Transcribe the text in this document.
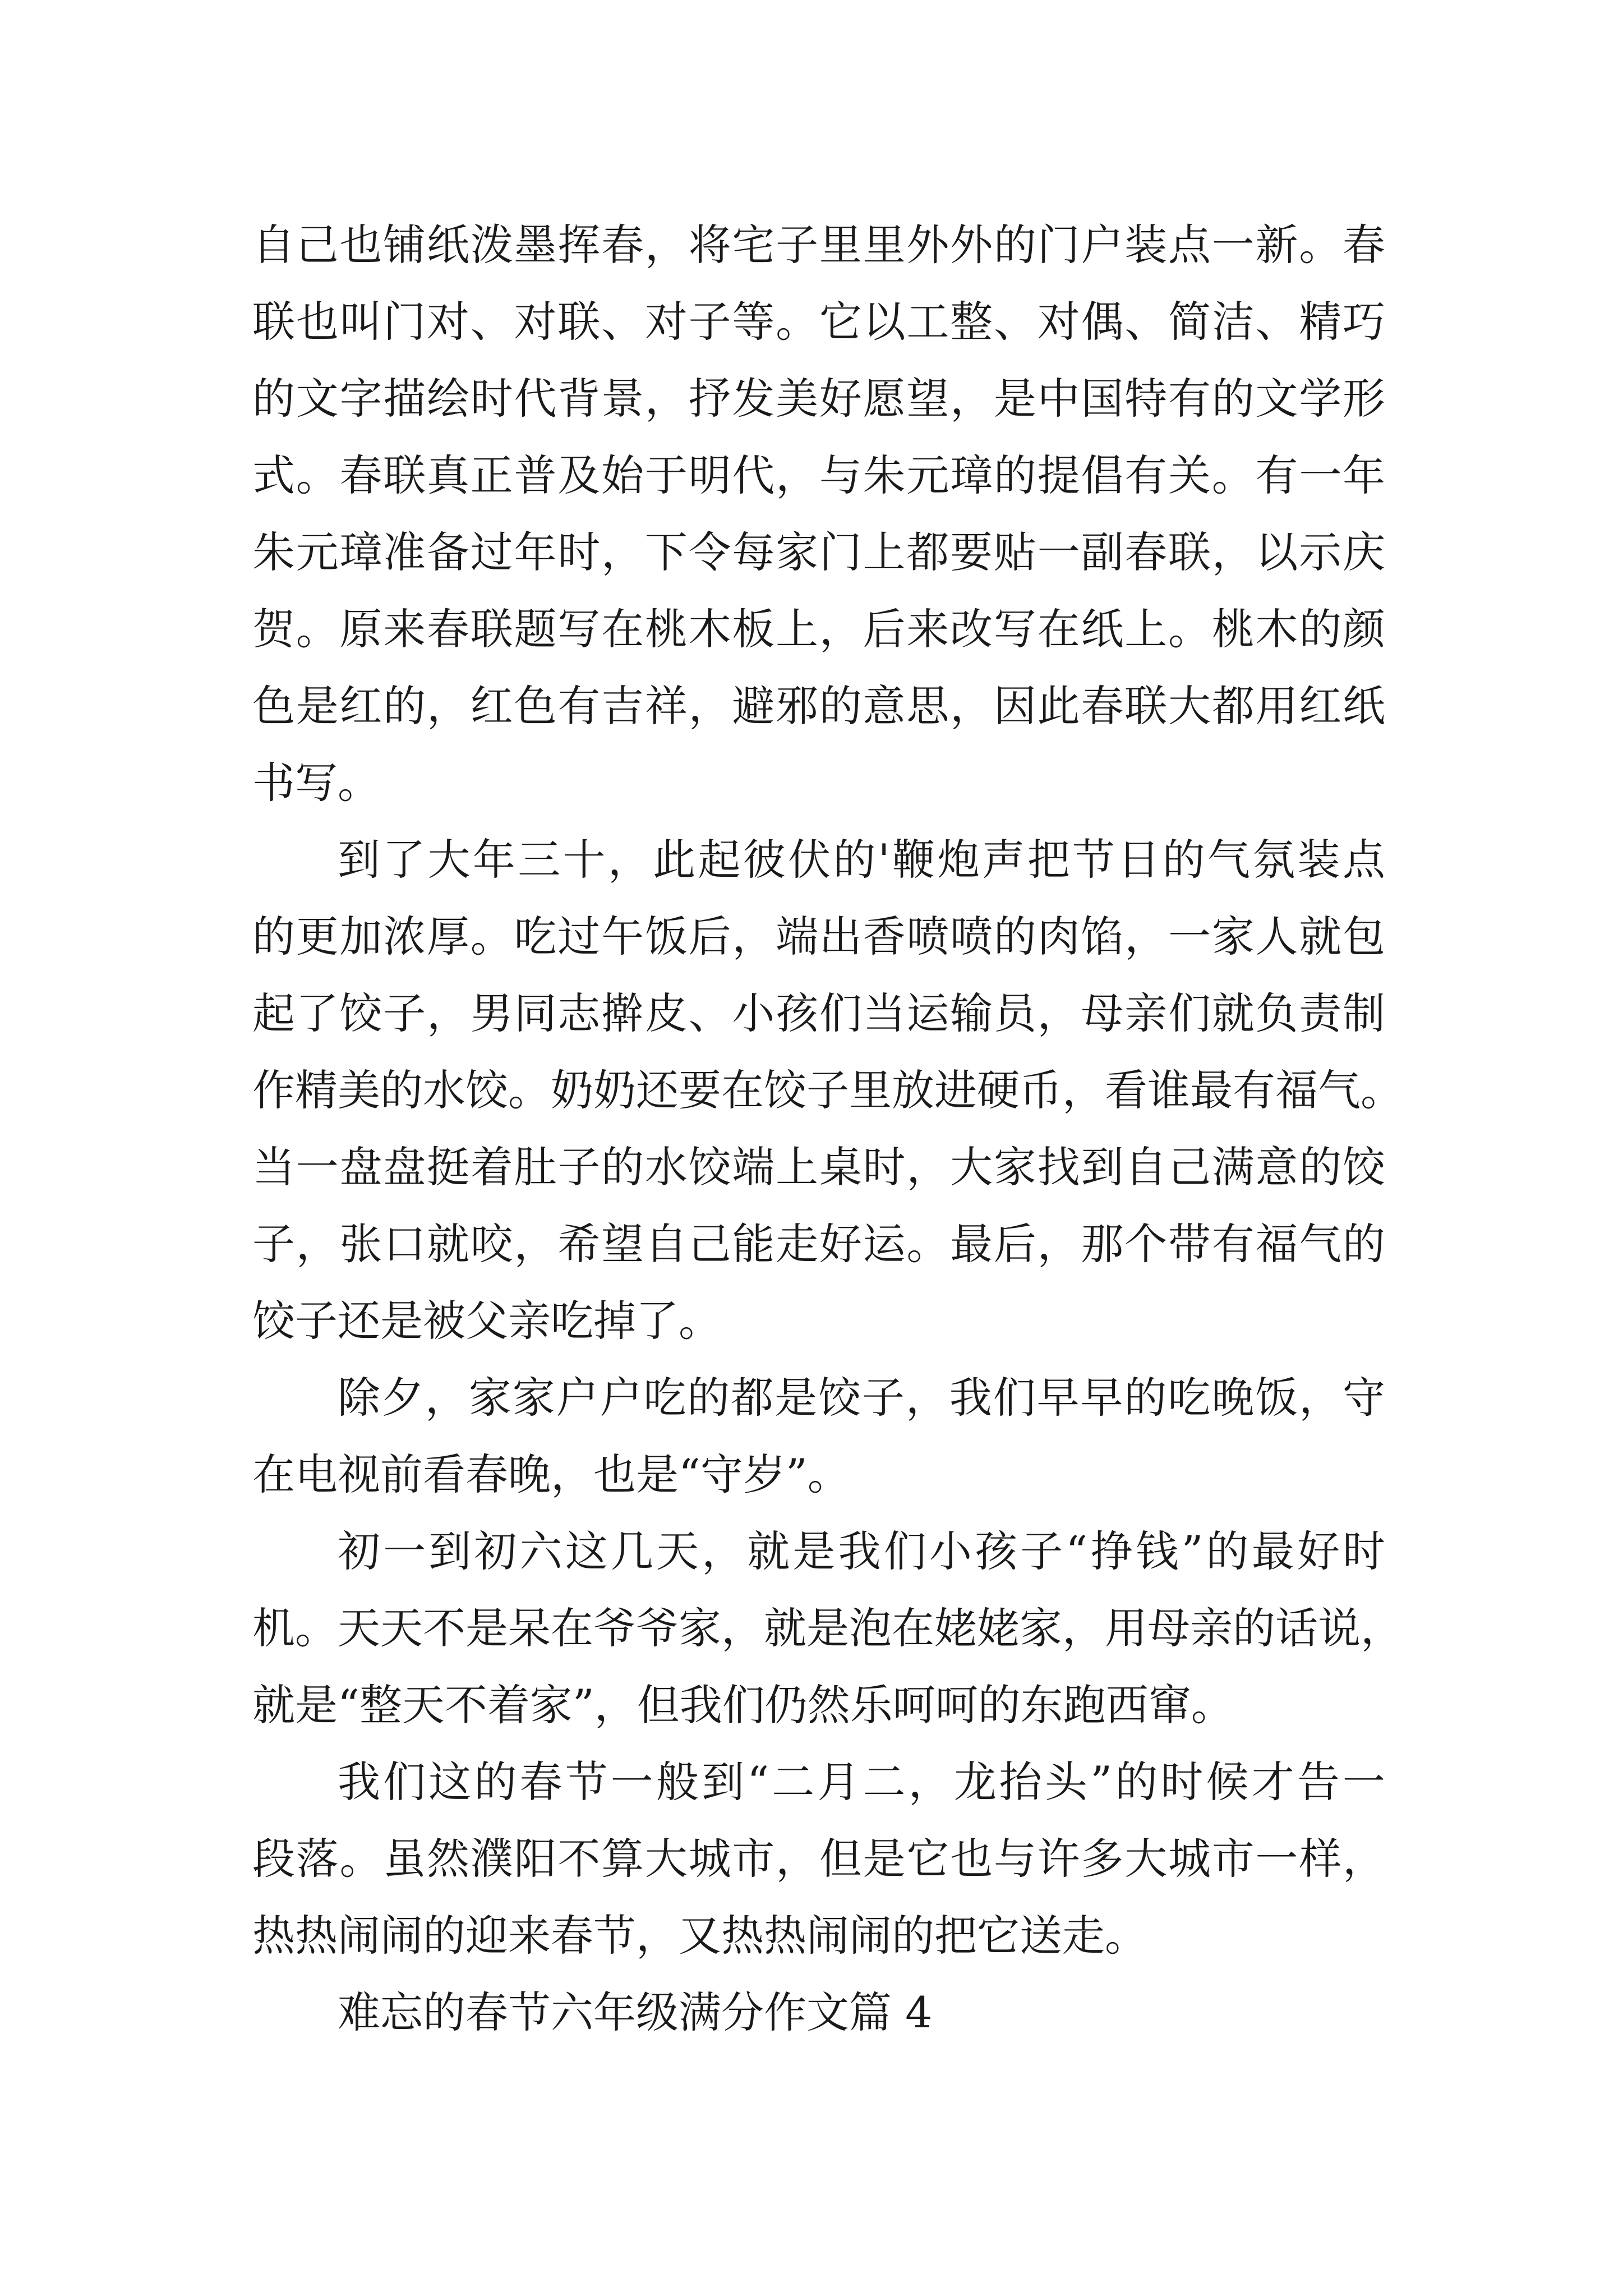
自己也铺纸泼墨挥春，将宅子里里外外的门户装点一新。春
联也叫门对、对联、对子等。它以工整、对偶、简洁、精巧
的文字描绘时代背景，抒发美好愿望，是中国特有的文学形
式。春联真正普及始于明代，与朱元璋的提倡有关。有一年
朱元璋准备过年时，下令每家门上都要贴一副春联，以示庆
贺。原来春联题写在桃木板上，后来改写在纸上。桃木的颜
色是红的，红色有吉祥，避邪的意思，因此春联大都用红纸
书写。
到了大年三十，此起彼伏的'鞭炮声把节日的气氛装点
的更加浓厚。吃过午饭后，端出香喷喷的肉馅，一家人就包
起了饺子，男同志擀皮、小孩们当运输员，母亲们就负责制
作精美的水饺。奶奶还要在饺子里放进硬币，看谁最有福气。
当一盘盘挺着肚子的水饺端上桌时，大家找到自己满意的饺
子，张口就咬，希望自己能走好运。最后，那个带有福气的
饺子还是被父亲吃掉了。
除夕，家家户户吃的都是饺子，我们早早的吃晚饭，守
在电视前看春晚，也是“守岁”。
初一到初六这几天，就是我们小孩子“挣钱”的最好时
机。天天不是呆在爷爷家，就是泡在姥姥家，用母亲的话说，
就是“整天不着家”，但我们仍然乐呵呵的东跑西窜。
我们这的春节一般到“二月二，龙抬头”的时候才告一
段落。虽然濮阳不算大城市，但是它也与许多大城市一样，
热热闹闹的迎来春节，又热热闹闹的把它送走。
难忘的春节六年级满分作文篇 4
